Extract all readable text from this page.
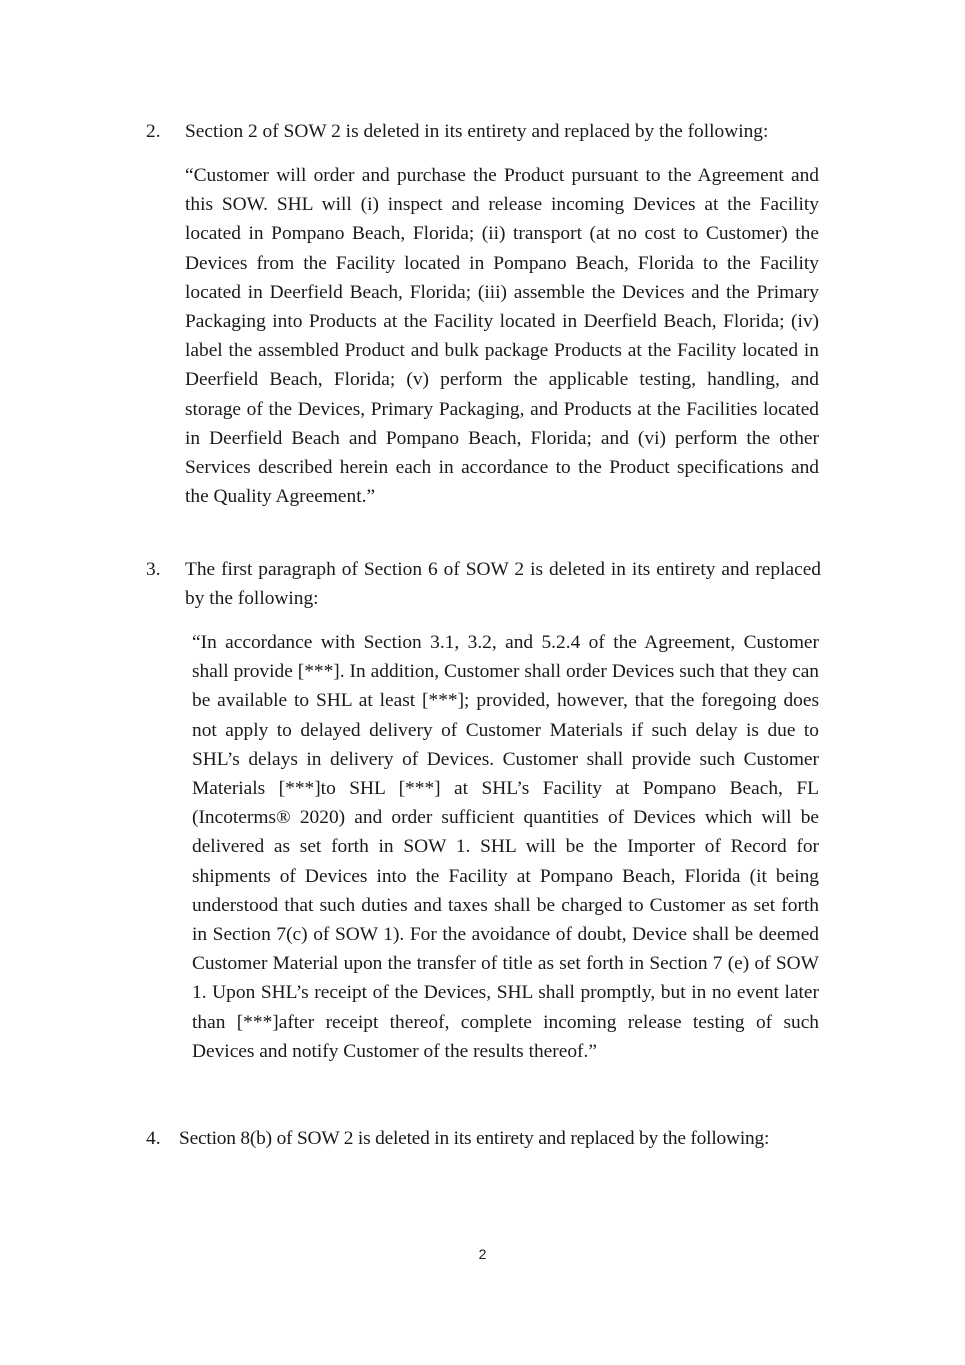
2. Section 2 of SOW 2 is deleted in its entirety and replaced by the following:
“Customer will order and purchase the Product pursuant to the Agreement and this SOW. SHL will (i) inspect and release incoming Devices at the Facility located in Pompano Beach, Florida; (ii) transport (at no cost to Customer) the Devices from the Facility located in Pompano Beach, Florida to the Facility located in Deerfield Beach, Florida; (iii) assemble the Devices and the Primary Packaging into Products at the Facility located in Deerfield Beach, Florida; (iv) label the assembled Product and bulk package Products at the Facility located in Deerfield Beach, Florida; (v) perform the applicable testing, handling, and storage of the Devices, Primary Packaging, and Products at the Facilities located in Deerfield Beach and Pompano Beach, Florida; and (vi) perform the other Services described herein each in accordance to the Product specifications and the Quality Agreement.”
3. The first paragraph of Section 6 of SOW 2 is deleted in its entirety and replaced by the following:
“In accordance with Section 3.1, 3.2, and 5.2.4 of the Agreement, Customer shall provide [***]. In addition, Customer shall order Devices such that they can be available to SHL at least [***]; provided, however, that the foregoing does not apply to delayed delivery of Customer Materials if such delay is due to SHL’s delays in delivery of Devices. Customer shall provide such Customer Materials [***]to SHL [***] at SHL’s Facility at Pompano Beach, FL (Incoterms® 2020) and order sufficient quantities of Devices which will be delivered as set forth in SOW 1. SHL will be the Importer of Record for shipments of Devices into the Facility at Pompano Beach, Florida (it being understood that such duties and taxes shall be charged to Customer as set forth in Section 7(c) of SOW 1). For the avoidance of doubt, Device shall be deemed Customer Material upon the transfer of title as set forth in Section 7 (e) of SOW 1. Upon SHL’s receipt of the Devices, SHL shall promptly, but in no event later than [***]after receipt thereof, complete incoming release testing of such Devices and notify Customer of the results thereof.”
4. Section 8(b) of SOW 2 is deleted in its entirety and replaced by the following:
2
